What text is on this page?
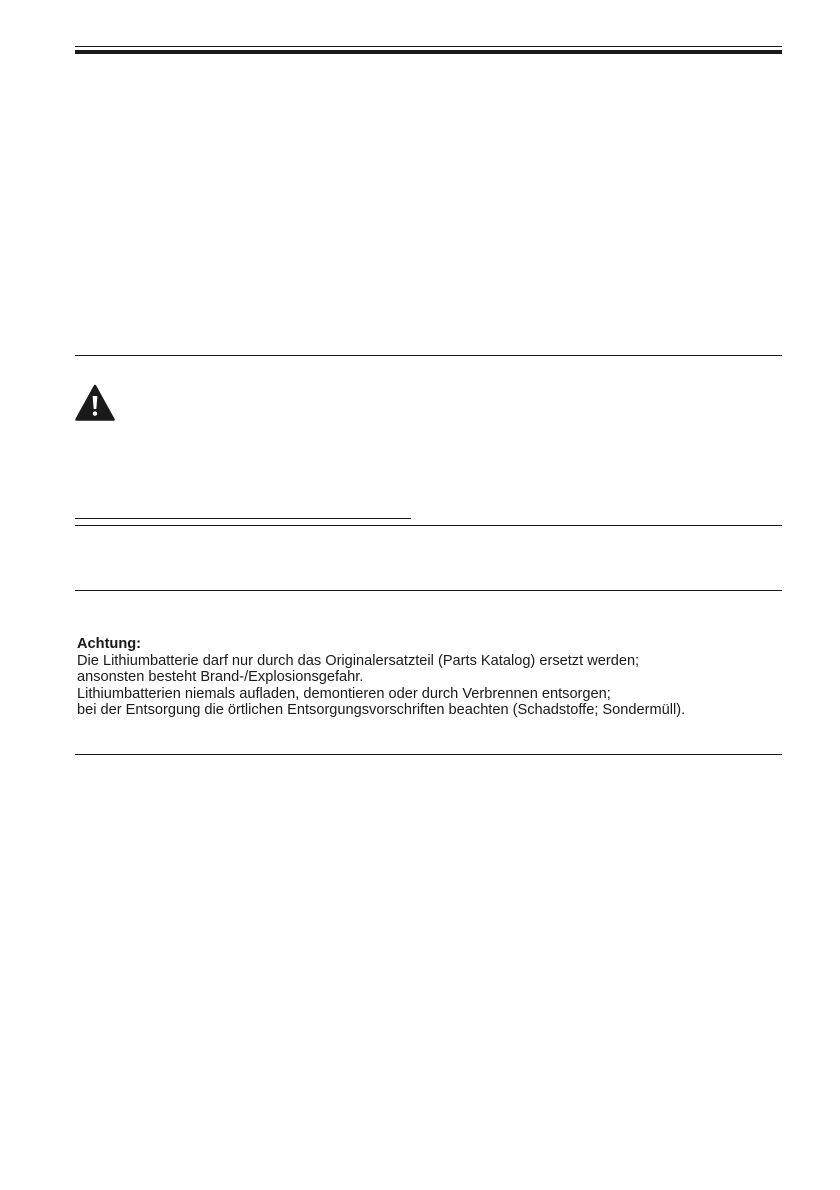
Achtung:
Die Lithiumbatterie darf nur durch das Originalersatzteil (Parts Katalog) ersetzt werden;
ansonsten besteht Brand-/Explosionsgefahr.
Lithiumbatterien niemals aufladen, demontieren oder durch Verbrennen entsorgen;
bei der Entsorgung die örtlichen Entsorgungsvorschriften beachten (Schadstoffe; Sondermüll).
